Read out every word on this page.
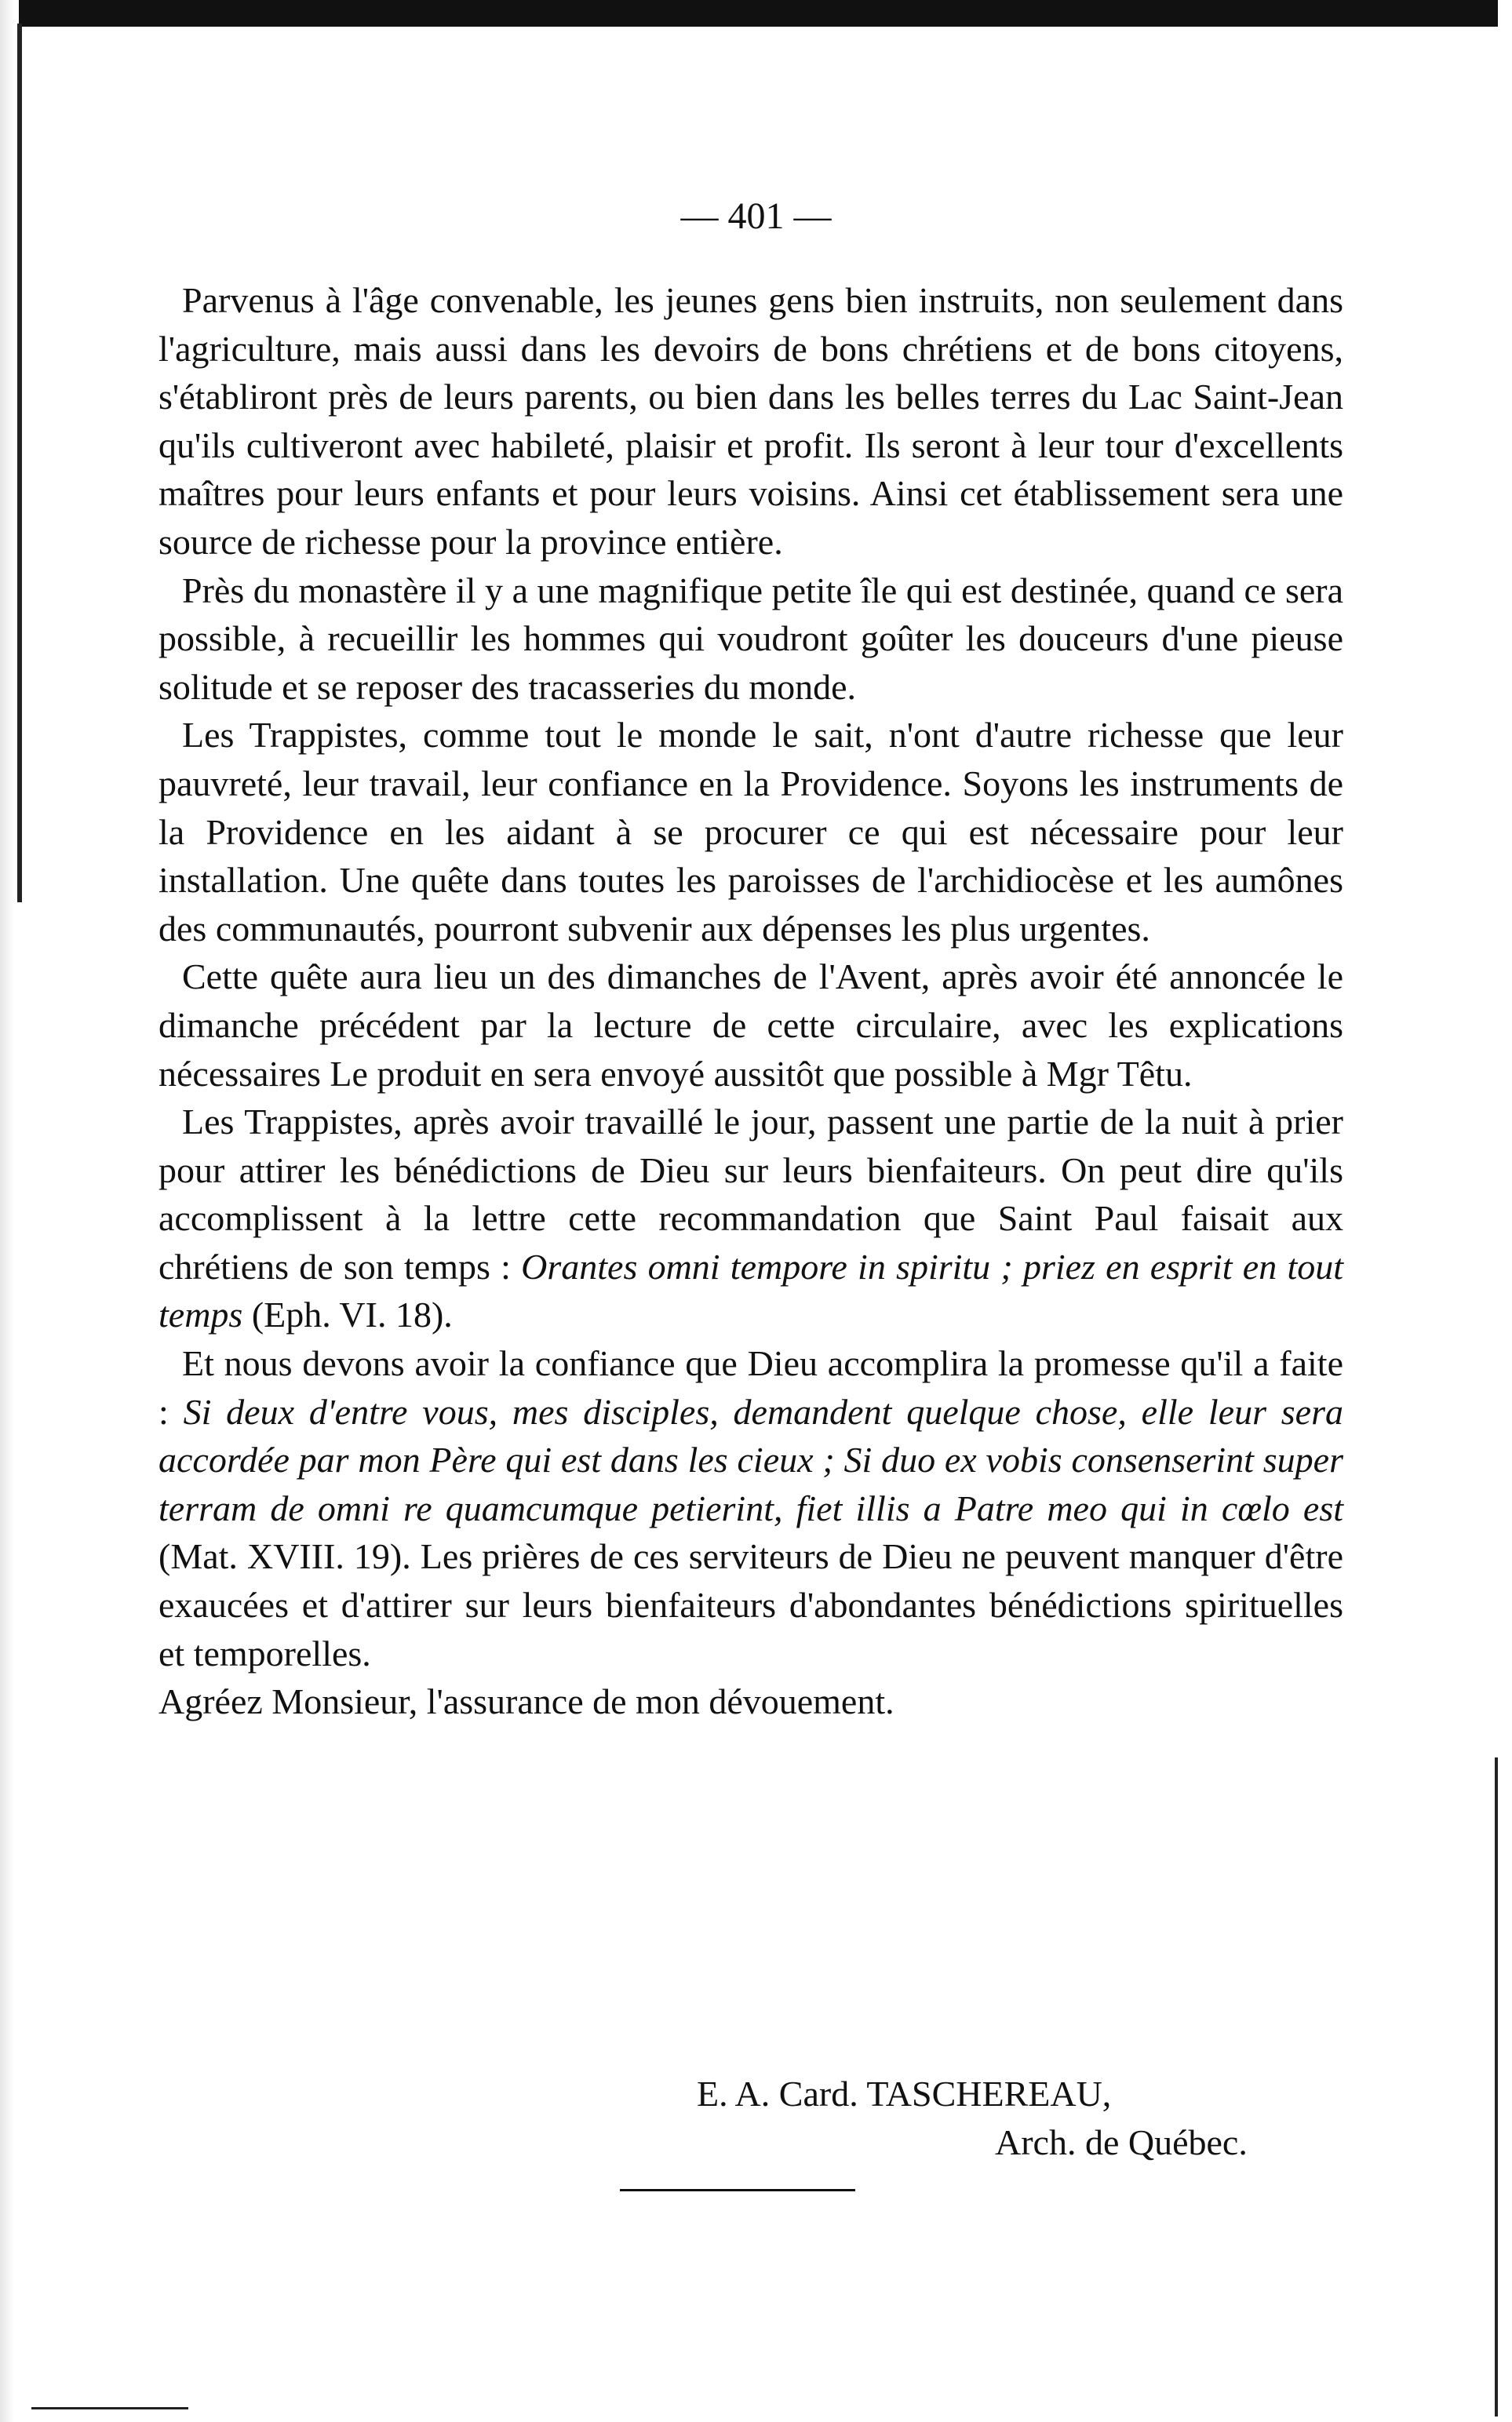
— 401 —

Parvenus à l'âge convenable, les jeunes gens bien instruits, non seulement dans l'agriculture, mais aussi dans les devoirs de bons chrétiens et de bons citoyens, s'établiront près de leurs parents, ou bien dans les belles terres du Lac Saint-Jean qu'ils cultiveront avec habileté, plaisir et profit. Ils seront à leur tour d'excellents maîtres pour leurs enfants et pour leurs voisins. Ainsi cet établissement sera une source de richesse pour la province entière.

Près du monastère il y a une magnifique petite île qui est destinée, quand ce sera possible, à recueillir les hommes qui voudront goûter les douceurs d'une pieuse solitude et se reposer des tracasseries du monde.

Les Trappistes, comme tout le monde le sait, n'ont d'autre richesse que leur pauvreté, leur travail, leur confiance en la Providence. Soyons les instruments de la Providence en les aidant à se procurer ce qui est nécessaire pour leur installation. Une quête dans toutes les paroisses de l'archidiocèse et les aumônes des communautés, pourront subvenir aux dépenses les plus urgentes.

Cette quête aura lieu un des dimanches de l'Avent, après avoir été annoncée le dimanche précédent par la lecture de cette circulaire, avec les explications nécessaires Le produit en sera envoyé aussitôt que possible à Mgr Têtu.

Les Trappistes, après avoir travaillé le jour, passent une partie de la nuit à prier pour attirer les bénédictions de Dieu sur leurs bienfaiteurs. On peut dire qu'ils accomplissent à la lettre cette recommandation que Saint Paul faisait aux chrétiens de son temps : Orantes omni tempore in spiritu ; priez en esprit en tout temps (Eph. VI. 18).

Et nous devons avoir la confiance que Dieu accomplira la promesse qu'il a faite : Si deux d'entre vous, mes disciples, demandent quelque chose, elle leur sera accordée par mon Père qui est dans les cieux ; Si duo ex vobis consenserint super terram de omni re quamcumque petierint, fiet illis a Patre meo qui in cœlo est (Mat. XVIII. 19). Les prières de ces serviteurs de Dieu ne peuvent manquer d'être exaucées et d'attirer sur leurs bienfaiteurs d'abondantes bénédictions spirituelles et temporelles.

Agréez Monsieur, l'assurance de mon dévouement.

E. A. Card. TASCHEREAU,
Arch. de Québec.
